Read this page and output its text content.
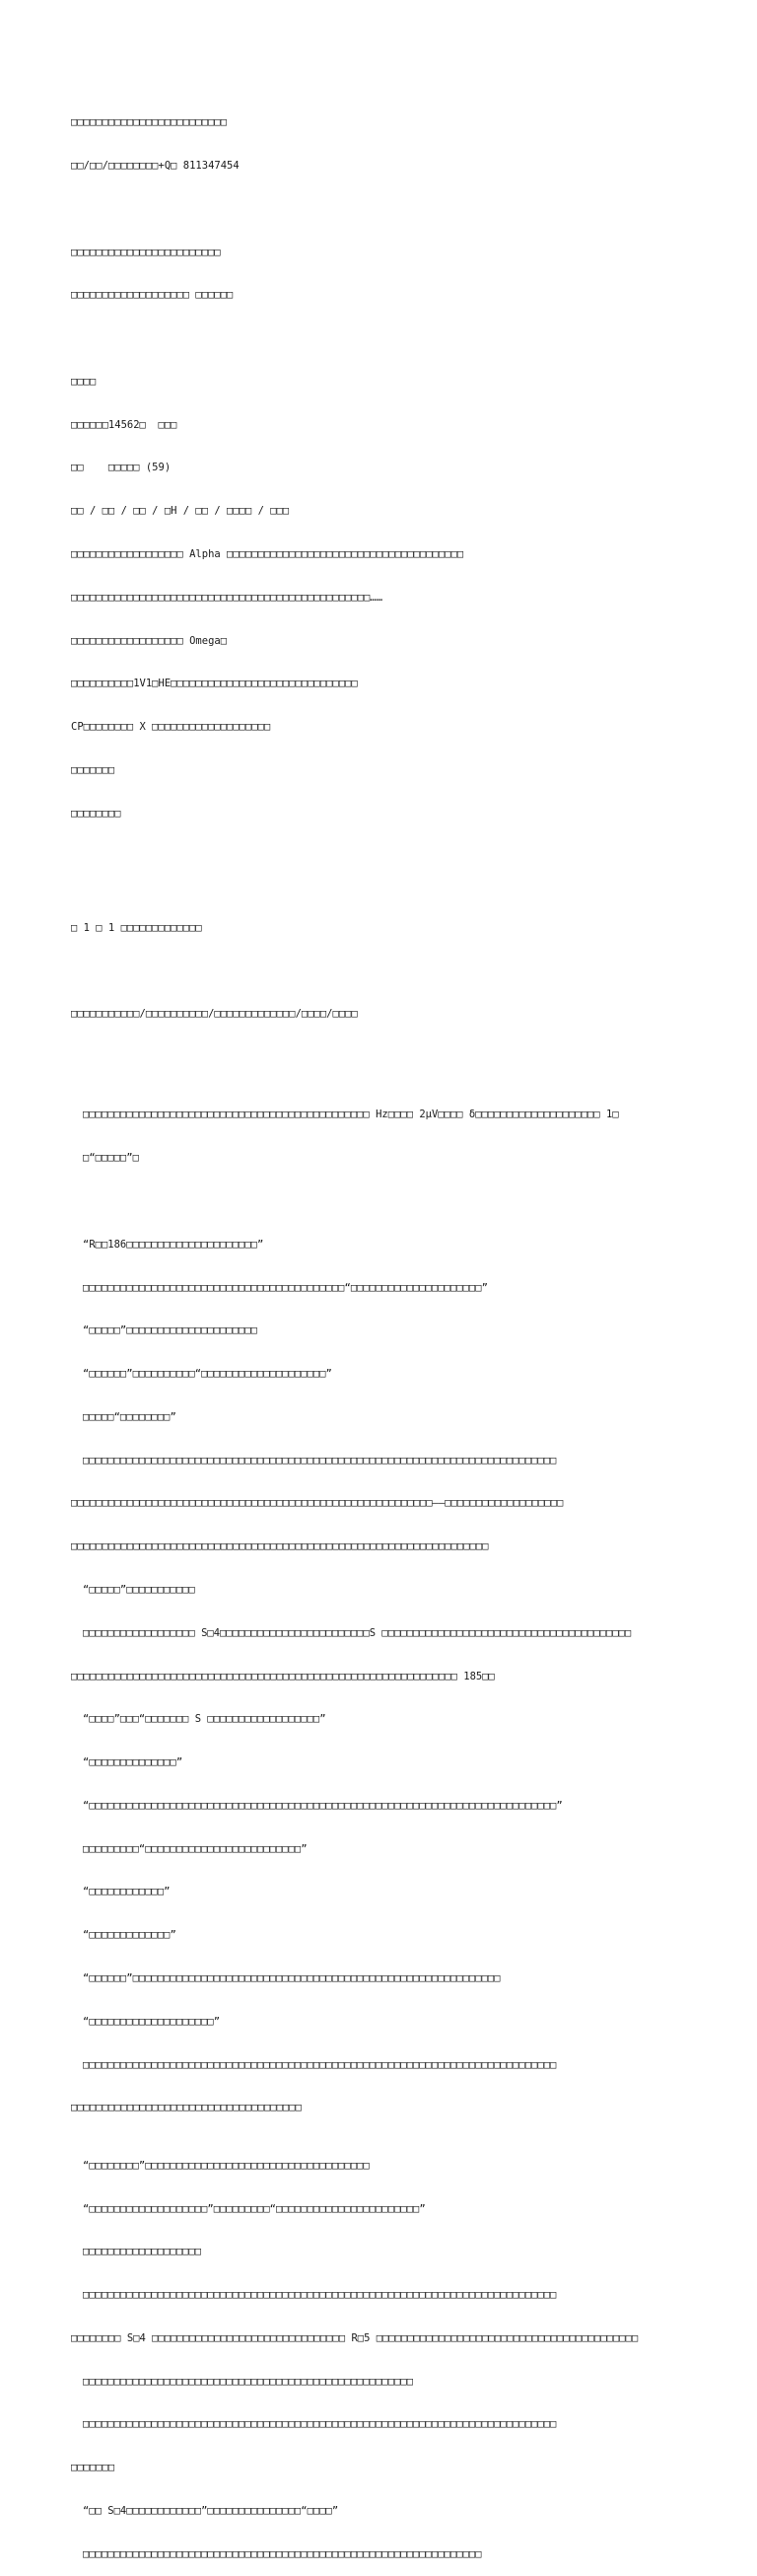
□□□□□□□□□□□□□□□□□□□□□□□□□

□□/□□/□□□□□□□□+Q□ 811347454

□□□□□□□□□□□□□□□□□□□□□□□□

□□□□□□□□□□□□□□□□□□□ □□□□□□

□□□□

□□□□□□14562□  □□□

□□    □□□□□ (59)

□□ / □□ / □□ / □H / □□ / □□□□ / □□□

□□□□□□□□□□□□□□□□□□ Alpha □□□□□□□□□□□□□□□□□□□□□□□□□□□□□□□□□□□□□□

□□□□□□□□□□□□□□□□□□□□□□□□□□□□□□□□□□□□□□□□□□□□□□□□……

□□□□□□□□□□□□□□□□□□ Omega□

□□□□□□□□□□1V1□HE□□□□□□□□□□□□□□□□□□□□□□□□□□□□□□

CP□□□□□□□□ X □□□□□□□□□□□□□□□□□□□

□□□□□□□

□□□□□□□□

□ 1 □ 1 □□□□□□□□□□□□□

□□□□□□□□□□□/□□□□□□□□□□/□□□□□□□□□□□□□/□□□□/□□□□

□□□□□□□□□□□□□□□□□□□□□□□□□□□□□□□□□□□□□□□□□□□□□□ Hz□□□□ 2μV□□□□ δ□□□□□□□□□□□□□□□□□□□□ 1□

□“□□□□□”□

“R□□186□□□□□□□□□□□□□□□□□□□□□”

□□□□□□□□□□□□□□□□□□□□□□□□□□□□□□□□□□□□□□□□□□“□□□□□□□□□□□□□□□□□□□□□”

“□□□□□”□□□□□□□□□□□□□□□□□□□□□

“□□□□□□”□□□□□□□□□□“□□□□□□□□□□□□□□□□□□□□”

□□□□□“□□□□□□□□”

□□□□□□□□□□□□□□□□□□□□□□□□□□□□□□□□□□□□□□□□□□□□□□□□□□□□□□□□□□□□□□□□□□□□□□□□□□□□

□□□□□□□□□□□□□□□□□□□□□□□□□□□□□□□□□□□□□□□□□□□□□□□□□□□□□□□□□□——□□□□□□□□□□□□□□□□□□□

□□□□□□□□□□□□□□□□□□□□□□□□□□□□□□□□□□□□□□□□□□□□□□□□□□□□□□□□□□□□□□□□□□□

“□□□□□”□□□□□□□□□□□

□□□□□□□□□□□□□□□□□□ S□4□□□□□□□□□□□□□□□□□□□□□□□□S □□□□□□□□□□□□□□□□□□□□□□□□□□□□□□□□□□□□□□□□

□□□□□□□□□□□□□□□□□□□□□□□□□□□□□□□□□□□□□□□□□□□□□□□□□□□□□□□□□□□□□□ 185□□

“□□□□”□□□“□□□□□□□ S □□□□□□□□□□□□□□□□□□”

“□□□□□□□□□□□□□□”

“□□□□□□□□□□□□□□□□□□□□□□□□□□□□□□□□□□□□□□□□□□□□□□□□□□□□□□□□□□□□□□□□□□□□□□□□□□□”

□□□□□□□□□“□□□□□□□□□□□□□□□□□□□□□□□□□”

“□□□□□□□□□□□□”

“□□□□□□□□□□□□□”

“□□□□□□”□□□□□□□□□□□□□□□□□□□□□□□□□□□□□□□□□□□□□□□□□□□□□□□□□□□□□□□□□□□

“□□□□□□□□□□□□□□□□□□□□”

□□□□□□□□□□□□□□□□□□□□□□□□□□□□□□□□□□□□□□□□□□□□□□□□□□□□□□□□□□□□□□□□□□□□□□□□□□□□

□□□□□□□□□□□□□□□□□□□□□□□□□□□□□□□□□□□□□

“□□□□□□□□”□□□□□□□□□□□□□□□□□□□□□□□□□□□□□□□□□□□□

“□□□□□□□□□□□□□□□□□□□”□□□□□□□□□“□□□□□□□□□□□□□□□□□□□□□□□”

□□□□□□□□□□□□□□□□□□□

□□□□□□□□□□□□□□□□□□□□□□□□□□□□□□□□□□□□□□□□□□□□□□□□□□□□□□□□□□□□□□□□□□□□□□□□□□□□

□□□□□□□□ S□4 □□□□□□□□□□□□□□□□□□□□□□□□□□□□□□□ R□5 □□□□□□□□□□□□□□□□□□□□□□□□□□□□□□□□□□□□□□□□□□

□□□□□□□□□□□□□□□□□□□□□□□□□□□□□□□□□□□□□□□□□□□□□□□□□□□□□

□□□□□□□□□□□□□□□□□□□□□□□□□□□□□□□□□□□□□□□□□□□□□□□□□□□□□□□□□□□□□□□□□□□□□□□□□□□□

□□□□□□□

“□□ S□4□□□□□□□□□□□□”□□□□□□□□□□□□□□□“□□□□”

□□□□□□□□□□□□□□□□□□□□□□□□□□□□□□□□□□□□□□□□□□□□□□□□□□□□□□□□□□□□□□□□
